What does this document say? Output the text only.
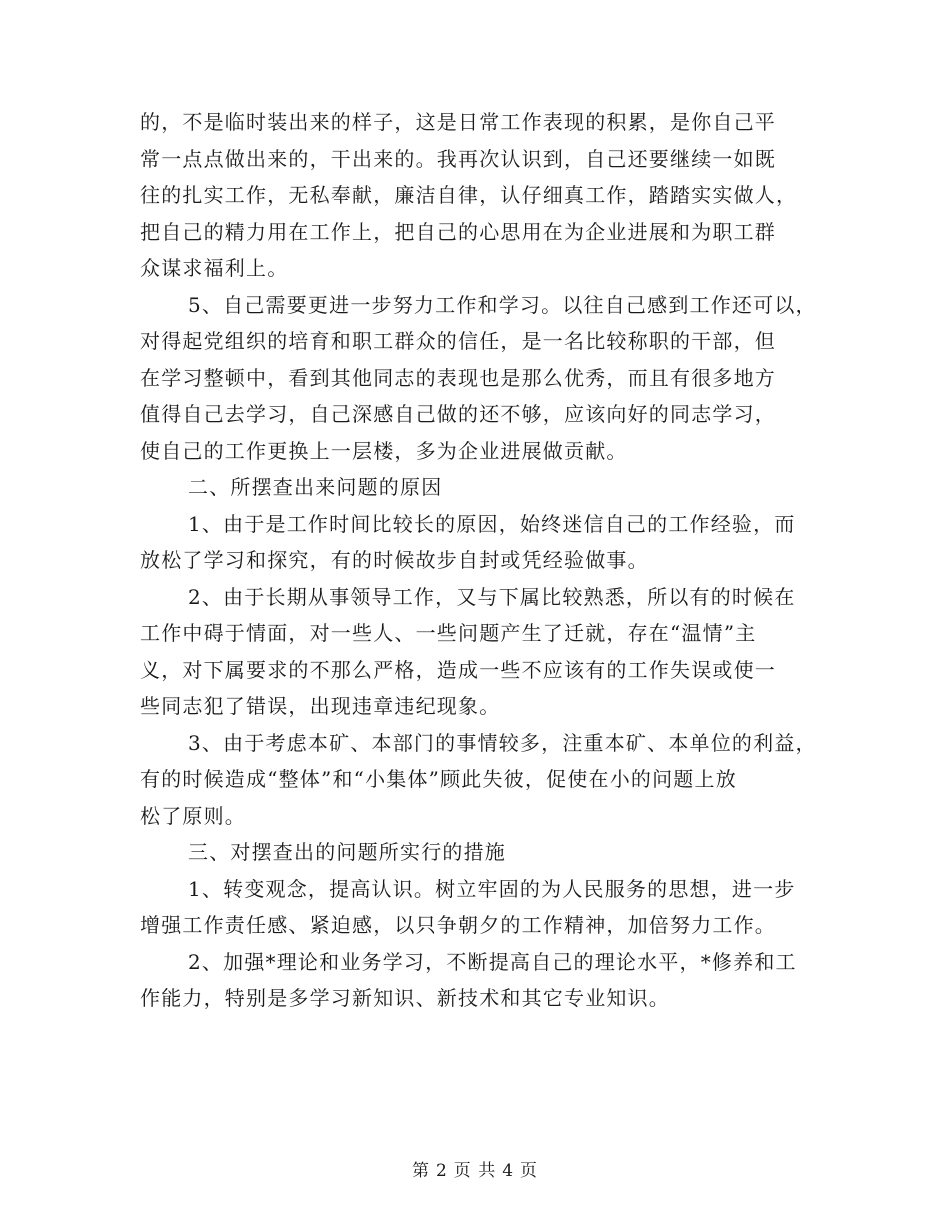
的，不是临时装出来的样子，这是日常工作表现的积累，是你自己平
常一点点做出来的，干出来的。我再次认识到，自己还要继续一如既
往的扎实工作，无私奉献，廉洁自律，认仔细真工作，踏踏实实做人，
把自己的精力用在工作上，把自己的心思用在为企业进展和为职工群
众谋求福利上。
5、自己需要更进一步努力工作和学习。以往自己感到工作还可以，
对得起党组织的培育和职工群众的信任，是一名比较称职的干部，但
在学习整顿中，看到其他同志的表现也是那么优秀，而且有很多地方
值得自己去学习，自己深感自己做的还不够，应该向好的同志学习，
使自己的工作更换上一层楼，多为企业进展做贡献。
二、所摆查出来问题的原因
1、由于是工作时间比较长的原因，始终迷信自己的工作经验，而
放松了学习和探究，有的时候故步自封或凭经验做事。
2、由于长期从事领导工作，又与下属比较熟悉，所以有的时候在
工作中碍于情面，对一些人、一些问题产生了迁就，存在“温情”主
义，对下属要求的不那么严格，造成一些不应该有的工作失误或使一
些同志犯了错误，出现违章违纪现象。
3、由于考虑本矿、本部门的事情较多，注重本矿、本单位的利益，
有的时候造成“整体”和“小集体”顾此失彼，促使在小的问题上放
松了原则。
三、对摆查出的问题所实行的措施
1、转变观念，提高认识。树立牢固的为人民服务的思想，进一步
增强工作责任感、紧迫感，以只争朝夕的工作精神，加倍努力工作。
2、加强*理论和业务学习，不断提高自己的理论水平，*修养和工
作能力，特别是多学习新知识、新技术和其它专业知识。
第 2 页 共 4 页
